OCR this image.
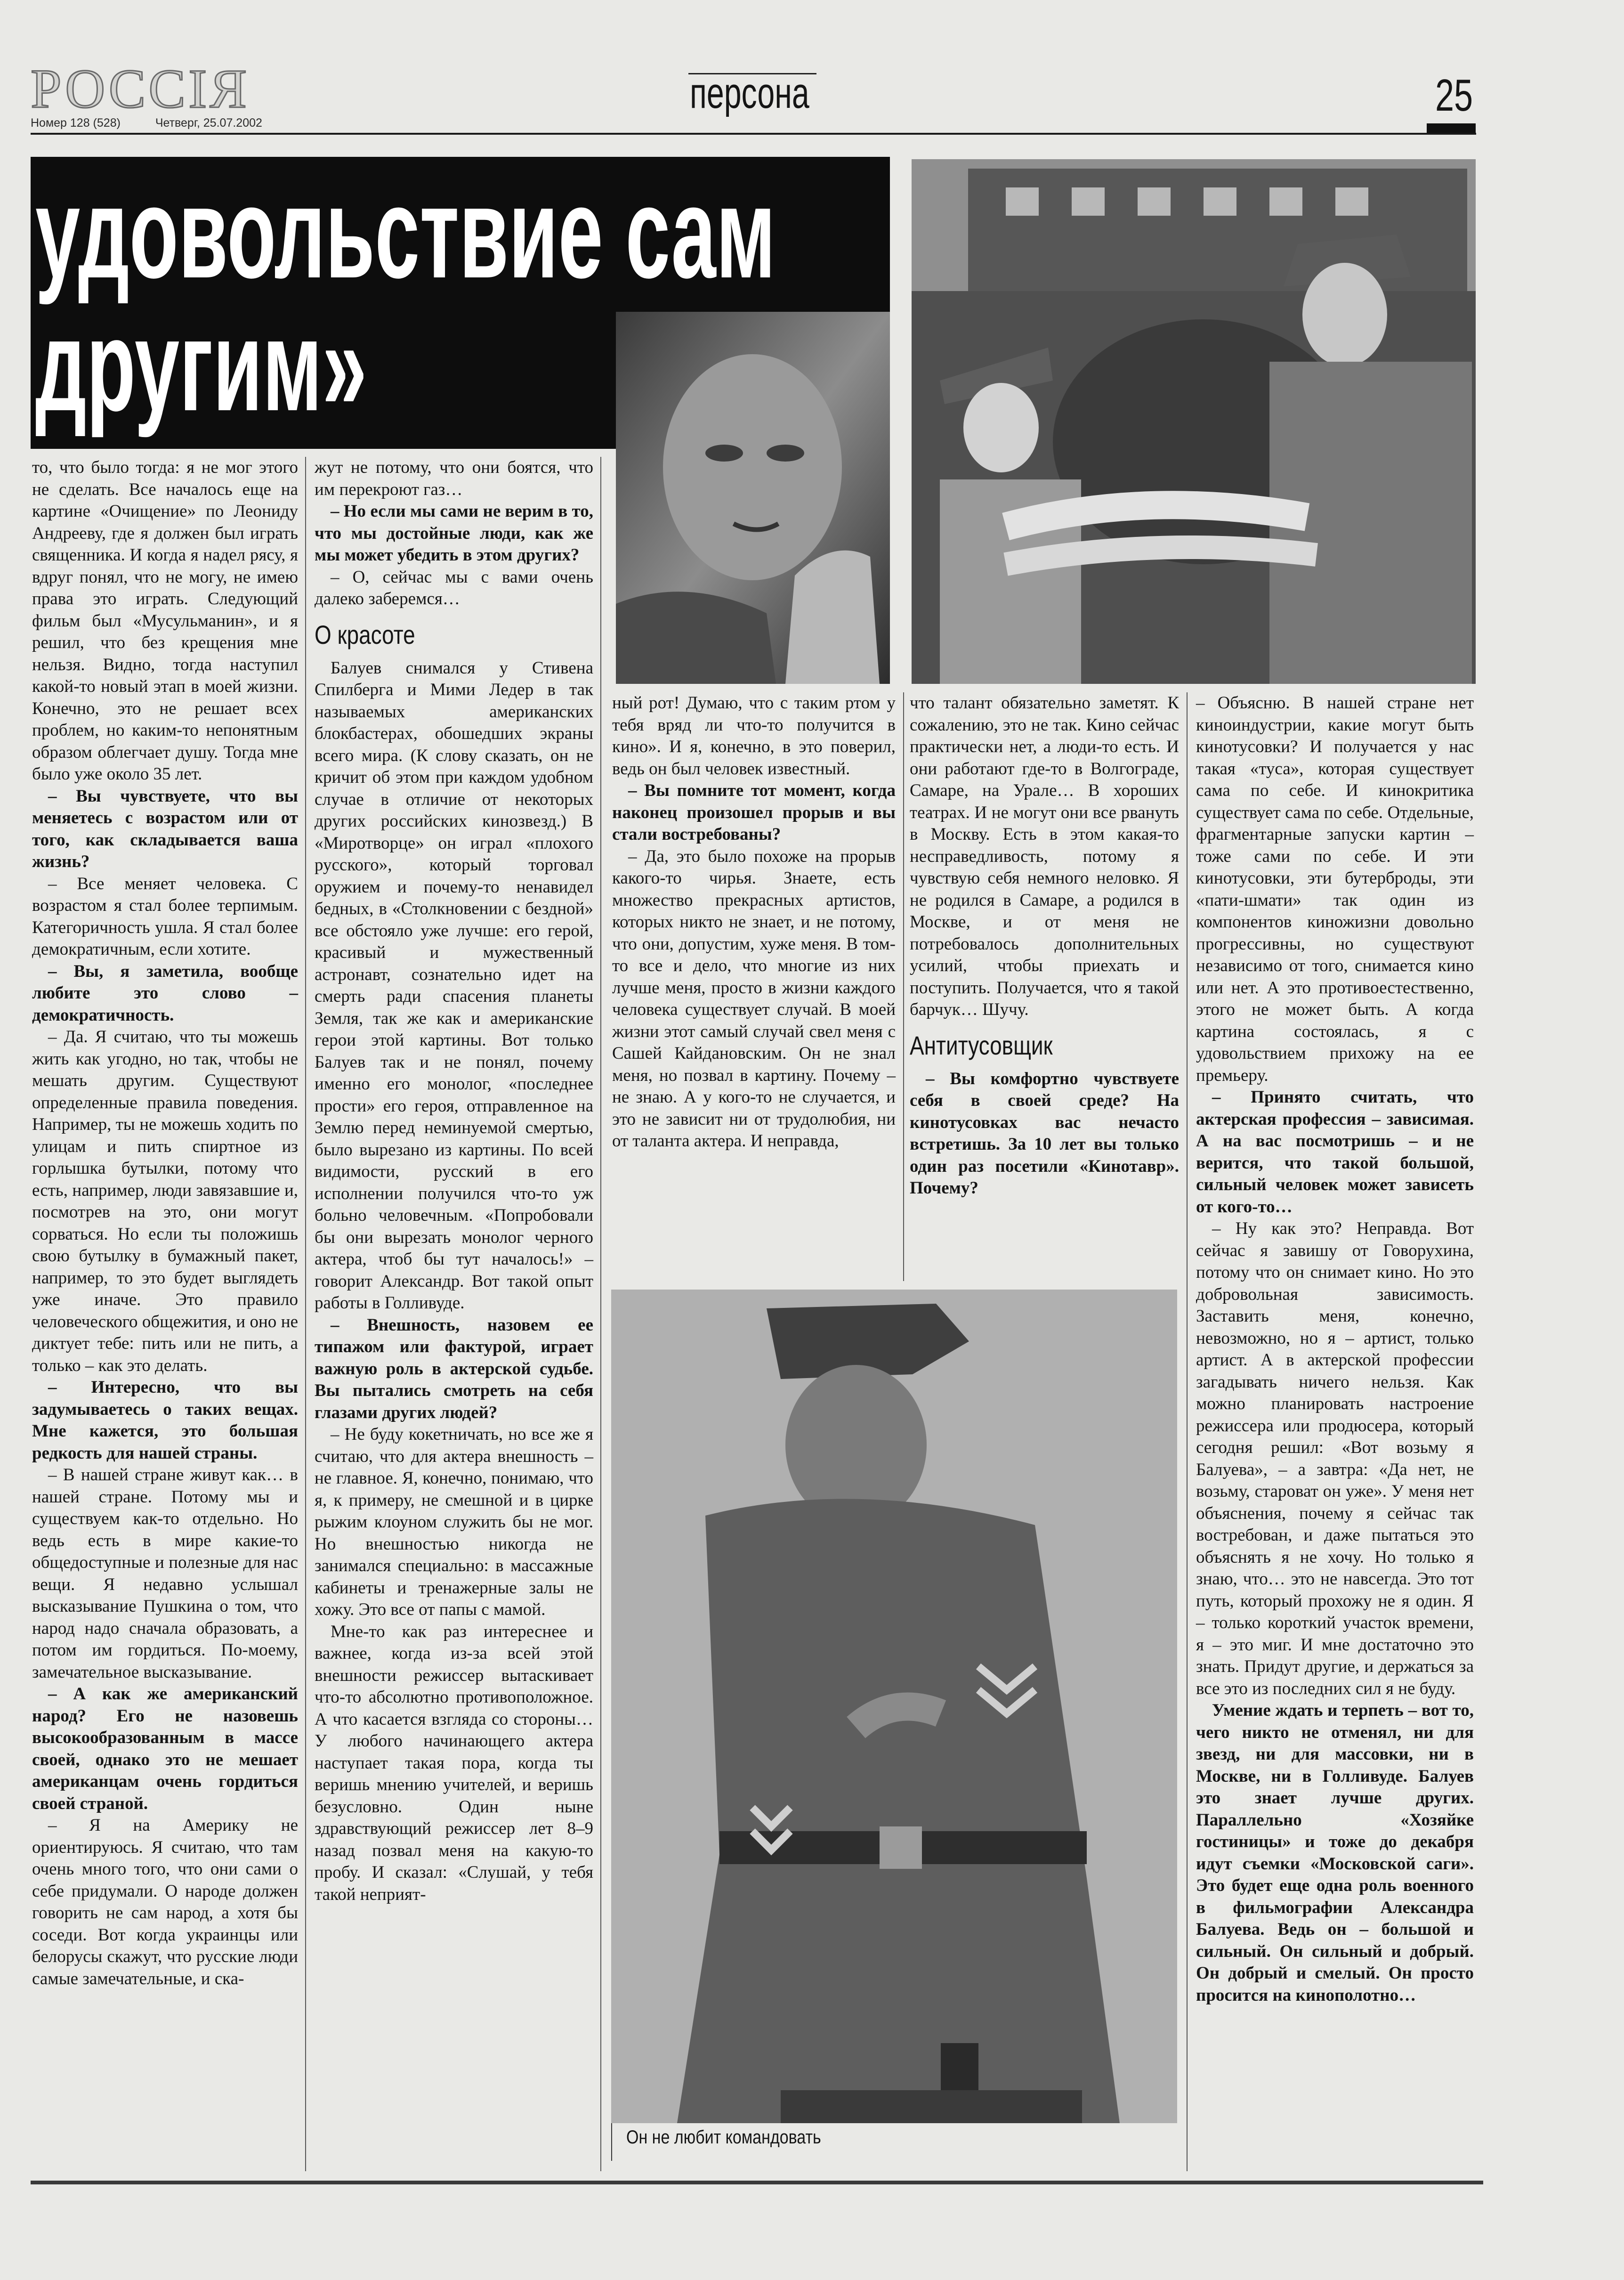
РОССIЯ
Номер 128 (528)	Четверг, 25.07.2002
персона	25
удовольствие сам
другим»
Он не любит командовать

то, что было тогда: я не мог этого не сделать. Все началось еще на картине «Очищение» по Леониду Андрееву, где я должен был играть священника. И когда я надел рясу, я вдруг понял, что не могу, не имею права это играть. Следующий фильм был «Мусульманин», и я решил, что без крещения мне нельзя. Видно, тогда наступил какой-то новый этап в моей жизни. Конечно, это не решает всех проблем, но каким-то непонятным образом облегчает душу. Тогда мне было уже около 35 лет.

– Вы чувствуете, что вы меняетесь с возрастом или от того, как складывается ваша жизнь?

– Все меняет человека. С возрастом я стал более терпимым. Категоричность ушла. Я стал более демократичным, если хотите.

– Вы, я заметила, вообще любите это слово – демократичность.

– Да. Я считаю, что ты можешь жить как угодно, но так, чтобы не мешать другим. Существуют определенные правила поведения. Например, ты не можешь ходить по улицам и пить спиртное из горлышка бутылки, потому что есть, например, люди завязавшие и, посмотрев на это, они могут сорваться. Но если ты положишь свою бутылку в бумажный пакет, например, то это будет выглядеть уже иначе. Это правило человеческого общежития, и оно не диктует тебе: пить или не пить, а только – как это делать.

– Интересно, что вы задумываетесь о таких вещах. Мне кажется, это большая редкость для нашей страны.

– В нашей стране живут как… в нашей стране. Потому мы и существуем как-то отдельно. Но ведь есть в мире какие-то общедоступные и полезные для нас вещи. Я недавно услышал высказывание Пушкина о том, что народ надо сначала образовать, а потом им гордиться. По-моему, замечательное высказывание.

– А как же американский народ? Его не назовешь высокообразованным в массе своей, однако это не мешает американцам очень гордиться своей страной.

– Я на Америку не ориентируюсь. Я считаю, что там очень много того, что они сами о себе придумали. О народе должен говорить не сам народ, а хотя бы соседи. Вот когда украинцы или белорусы скажут, что русские люди самые замечательные, и ска-

жут не потому, что они боятся, что им перекроют газ…

– Но если мы сами не верим в то, что мы достойные люди, как же мы может убедить в этом других?

– О, сейчас мы с вами очень далеко заберемся…

О красоте

Балуев снимался у Стивена Спилберга и Мими Ледер в так называемых американских блокбастерах, обошедших экраны всего мира. (К слову сказать, он не кричит об этом при каждом удобном случае в отличие от некоторых других российских кинозвезд.) В «Миротворце» он играл «плохого русского», который торговал оружием и почему-то ненавидел бедных, в «Столкновении с бездной» все обстояло уже лучше: его герой, красивый и мужественный астронавт, сознательно идет на смерть ради спасения планеты Земля, так же как и американские герои этой картины. Вот только Балуев так и не понял, почему именно его монолог, «последнее прости» его героя, отправленное на Землю перед неминуемой смертью, было вырезано из картины. По всей видимости, русский в его исполнении получился что-то уж больно человечным. «Попробовали бы они вырезать монолог черного актера, чтоб бы тут началось!» – говорит Александр. Вот такой опыт работы в Голливуде.

– Внешность, назовем ее типажом или фактурой, играет важную роль в актерской судьбе. Вы пытались смотреть на себя глазами других людей?

– Не буду кокетничать, но все же я считаю, что для актера внешность – не главное. Я, конечно, понимаю, что я, к примеру, не смешной и в цирке рыжим клоуном служить бы не мог. Но внешностью никогда не занимался специально: в массажные кабинеты и тренажерные залы не хожу. Это все от папы с мамой.

Мне-то как раз интереснее и важнее, когда из-за всей этой внешности режиссер вытаскивает что-то абсолютно противоположное. А что касается взгляда со стороны… У любого начинающего актера наступает такая пора, когда ты веришь мнению учителей, и веришь безусловно. Один ныне здравствующий режиссер лет 8–9 назад позвал меня на какую-то пробу. И сказал: «Слушай, у тебя такой неприят-

ный рот! Думаю, что с таким ртом у тебя вряд ли что-то получится в кино». И я, конечно, в это поверил, ведь он был человек известный.

– Вы помните тот момент, когда наконец произошел прорыв и вы стали востребованы?

– Да, это было похоже на прорыв какого-то чирья. Знаете, есть множество прекрасных артистов, которых никто не знает, и не потому, что они, допустим, хуже меня. В том-то все и дело, что многие из них лучше меня, просто в жизни каждого человека существует случай. В моей жизни этот самый случай свел меня с Сашей Кайдановским. Он не знал меня, но позвал в картину. Почему – не знаю. А у кого-то не случается, и это не зависит ни от трудолюбия, ни от таланта актера. И неправда,

что талант обязательно заметят. К сожалению, это не так. Кино сейчас практически нет, а люди-то есть. И они работают где-то в Волгограде, Самаре, на Урале… В хороших театрах. И не могут они все рвануть в Москву. Есть в этом какая-то несправедливость, потому я чувствую себя немного неловко. Я не родился в Самаре, а родился в Москве, и от меня не потребовалось дополнительных усилий, чтобы приехать и поступить. Получается, что я такой барчук… Шучу.

Антитусовщик

– Вы комфортно чувствуете себя в своей среде? На кинотусовках вас нечасто встретишь. За 10 лет вы только один раз посетили «Кинотавр». Почему?

– Объясню. В нашей стране нет киноиндустрии, какие могут быть кинотусовки? И получается у нас такая «туса», которая существует сама по себе. И кинокритика существует сама по себе. Отдельные, фрагментарные запуски картин – тоже сами по себе. И эти кинотусовки, эти бутерброды, эти «пати-шмати» так один из компонентов киножизни довольно прогрессивны, но существуют независимо от того, снимается кино или нет. А это противоестественно, этого не может быть. А когда картина состоялась, я с удовольствием прихожу на ее премьеру.

– Принято считать, что актерская профессия – зависимая. А на вас посмотришь – и не верится, что такой большой, сильный человек может зависеть от кого-то…

– Ну как это? Неправда. Вот сейчас я завишу от Говорухина, потому что он снимает кино. Но это добровольная зависимость. Заставить меня, конечно, невозможно, но я – артист, только артист. А в актерской профессии загадывать ничего нельзя. Как можно планировать настроение режиссера или продюсера, который сегодня решил: «Вот возьму я Балуева», – а завтра: «Да нет, не возьму, староват он уже». У меня нет объяснения, почему я сейчас так востребован, и даже пытаться это объяснять я не хочу. Но только я знаю, что… это не навсегда. Это тот путь, который прохожу не я один. Я – только короткий участок времени, я – это миг. И мне достаточно это знать. Придут другие, и держаться за все это из последних сил я не буду.

Умение ждать и терпеть – вот то, чего никто не отменял, ни для звезд, ни для массовки, ни в Москве, ни в Голливуде. Балуев это знает лучше других. Параллельно «Хозяйке гостиницы» и тоже до декабря идут съемки «Московской саги». Это будет еще одна роль военного в фильмографии Александра Балуева. Ведь он – большой и сильный. Он сильный и добрый. Он добрый и смелый. Он просто просится на кинополотно…
